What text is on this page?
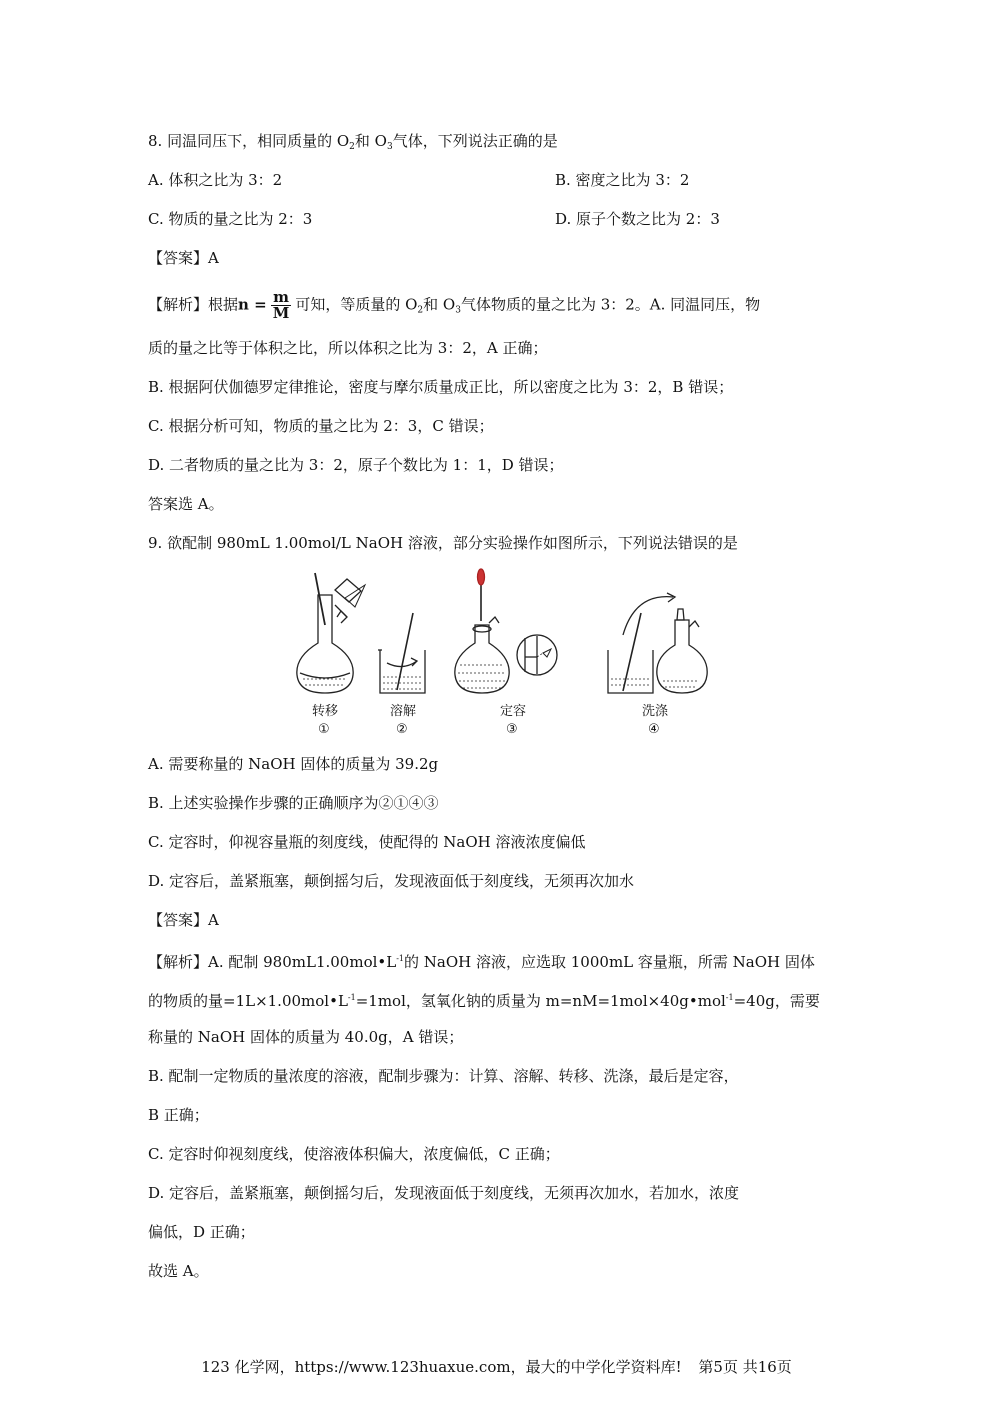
8. 同温同压下，相同质量的 $O_2$和 $O_3$气体，下列说法正确的是
A. 体积之比为 3：2	B. 密度之比为 3：2
C. 物质的量之比为 2：3	D. 原子个数之比为 2：3
【答案】A
【解析】根据$n = \frac{m}{M}$ 可知，等质量的 $O_2$和 $O_3$气体物质的量之比为 3：2。A. 同温同压，物
质的量之比等于体积之比，所以体积之比为 3：2，A 正确；
B. 根据阿伏伽德罗定律推论，密度与摩尔质量成正比，所以密度之比为 3：2，B 错误；
C. 根据分析可知，物质的量之比为 2：3，C 错误；
D. 二者物质的量之比为 3：2，原子个数比为 1：1，D 错误；
答案选 A。
9. 欲配制 980mL 1.00mol/L NaOH 溶液，部分实验操作如图所示，下列说法错误的是
转移
①
溶解
②
定容
③
洗涤
④
A. 需要称量的 NaOH 固体的质量为 39.2g
B. 上述实验操作步骤的正确顺序为②①④③
C. 定容时，仰视容量瓶的刻度线，使配得的 NaOH 溶液浓度偏低
D. 定容后，盖紧瓶塞，颠倒摇匀后，发现液面低于刻度线，无须再次加水
【答案】A
【解析】A. 配制 $980mL1.00mol•L^{-1}$的 NaOH 溶液，应选取 1000mL 容量瓶，所需 NaOH 固体
的物质的量$=1L\times 1.00mol•L^{-1}=1mol$，氢氧化钠的质量为 m=nM=1mol×40g•mol$^{-1}$=40g，需要
称量的 NaOH 固体的质量为 40.0g，A 错误；
B. 配制一定物质的量浓度的溶液，配制步骤为：计算、溶解、转移、洗涤，最后是定容，
B 正确；
C. 定容时仰视刻度线，使溶液体积偏大，浓度偏低，C 正确；
D. 定容后，盖紧瓶塞，颠倒摇匀后，发现液面低于刻度线，无须再次加水，若加水，浓度
偏低，D 正确；
故选 A。
123 化学网，https://www.123huaxue.com，最大的中学化学资料库! 第5页 共16页
